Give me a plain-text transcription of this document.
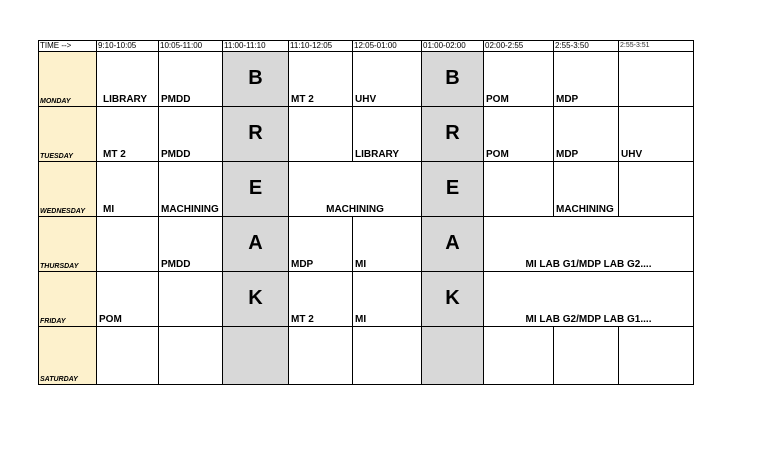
TIME -->	9:10-10:05	10:05-11:00	11:00-11:10	11:10-12:05	12:05-01:00	01:00-02:00	02:00-2:55	2:55-3:50	2:55-3:51
MONDAY	LIBRARY	PMDD	B	MT 2	UHV	B	POM	MDP	
TUESDAY	MT 2	PMDD	R		LIBRARY	R	POM	MDP	UHV
WEDNESDAY	MI	MACHINING	E	MACHINING		E		MACHINING	
THURSDAY		PMDD	A	MDP	MI	A	MI LAB G1/MDP LAB G2....		
FRIDAY	POM		K	MT 2	MI	K	MI LAB G2/MDP LAB G1....		
SATURDAY									
